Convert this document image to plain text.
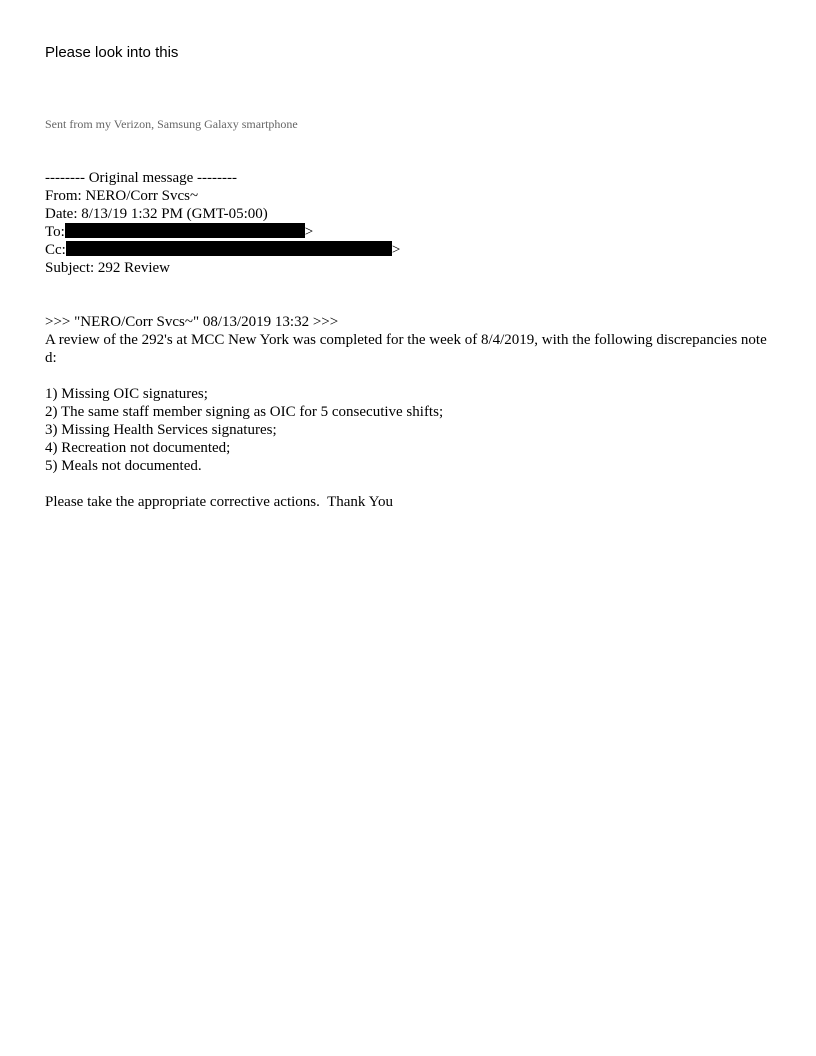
Please look into this
Sent from my Verizon, Samsung Galaxy smartphone
-------- Original message --------
From: NERO/Corr Svcs~
Date: 8/13/19 1:32 PM (GMT-05:00)
To:	>
Cc:	>
Subject: 292 Review
>>> "NERO/Corr Svcs~" 08/13/2019 13:32 >>>
A review of the 292's at MCC New York was completed for the week of 8/4/2019, with the following discrepancies noted:
1) Missing OIC signatures;
2) The same staff member signing as OIC for 5 consecutive shifts;
3) Missing Health Services signatures;
4) Recreation not documented;
5) Meals not documented.
Please take the appropriate corrective actions.  Thank You
